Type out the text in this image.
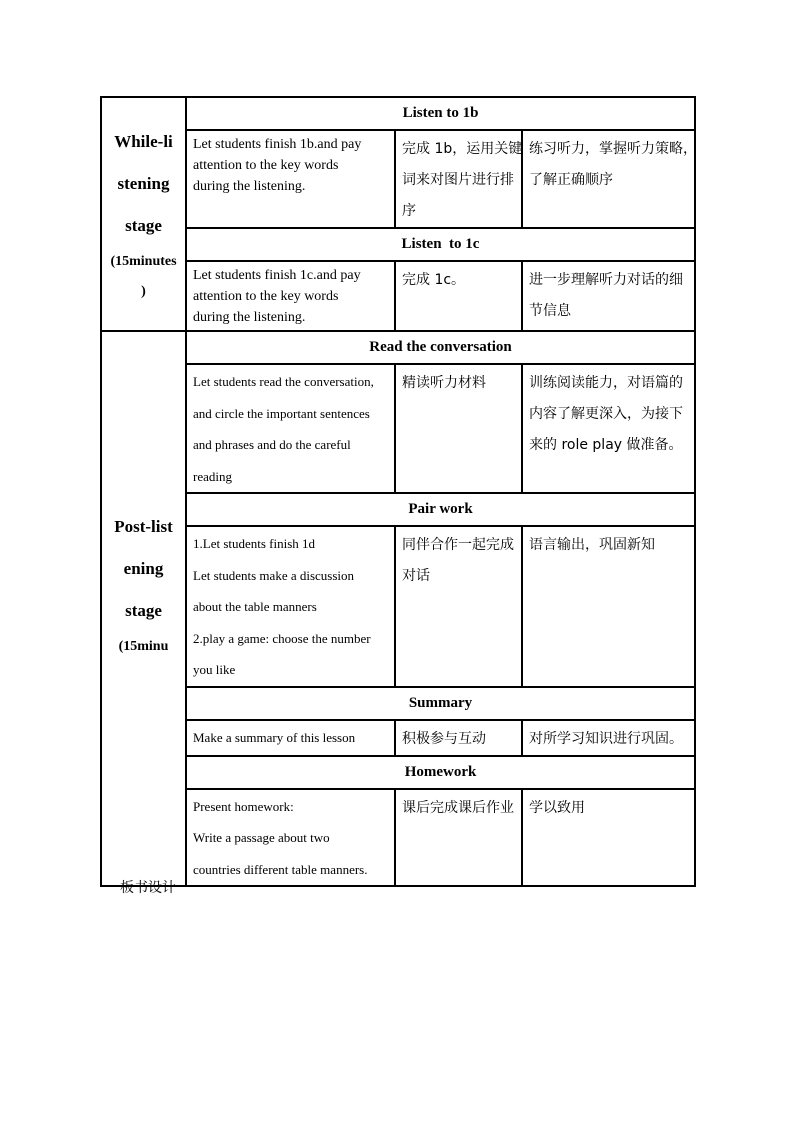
While-li
stening
stage
(15minutes
)	Listen to 1b		

	Let students finish 1b.and pay
attention to the key words
during the listening.	完成 1b，运用关键
词来对图片进行排
序	练习听力，掌握听力策略，
了解正确顺序

	Listen  to 1c		

	Let students finish 1c.and pay
attention to the key words
during the listening.	完成 1c。	进一步理解听力对话的细
节信息

Post-list
ening
stage
(15minu	Read the conversation		

	Let students read the conversation,
and circle the important sentences
and phrases and do the careful
reading	精读听力材料	训练阅读能力，对语篇的
内容了解更深入，为接下
来的 role play 做准备。

	Pair work		

	1.Let students finish 1d
Let students make a discussion
about the table manners
2.play a game: choose the number
you like	同伴合作一起完成
对话	语言输出，巩固新知

	Summary		

	Make a summary of this lesson	积极参与互动	对所学习知识进行巩固。

	Homework		

	Present homework:
Write a passage about two
countries different table manners.	课后完成课后作业	学以致用
板书设计
